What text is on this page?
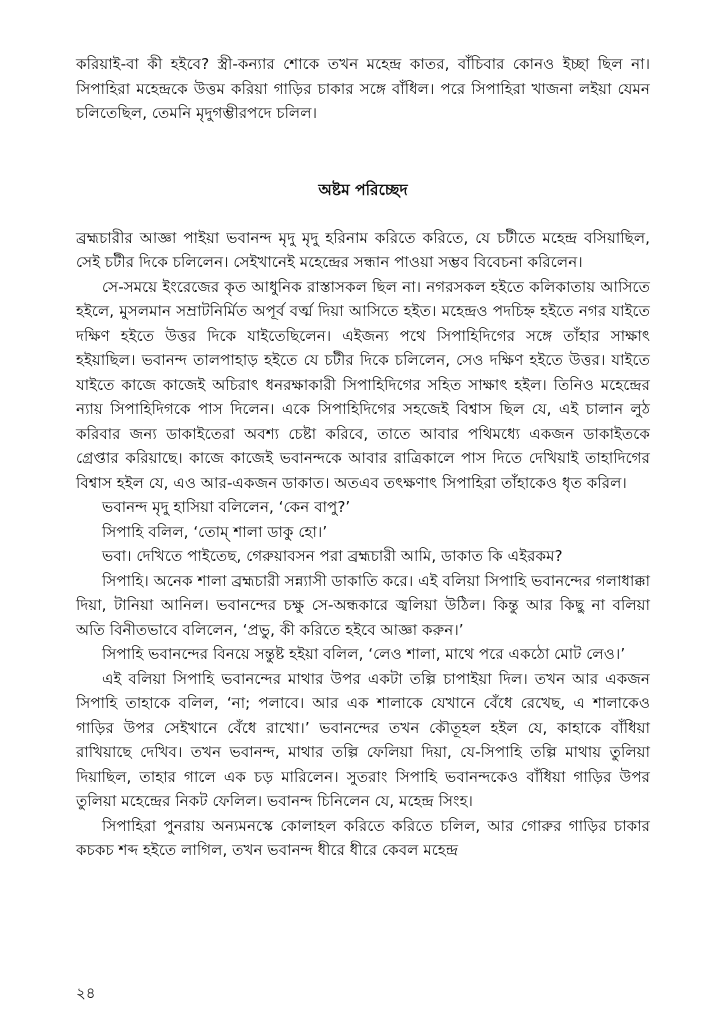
করিয়াই-বা কী হইবে? স্ত্রী-কন্যার শোকে তখন মহেন্দ্র কাতর, বাঁচিবার কোনও ইচ্ছা ছিল না। সিপাহিরা মহেন্দ্রকে উত্তম করিয়া গাড়ির চাকার সঙ্গে বাঁধিল। পরে সিপাহিরা খাজনা লইয়া যেমন চলিতেছিল, তেমনি মৃদুগম্ভীরপদে চলিল।

অষ্টম পরিচ্ছেদ

ব্রহ্মচারীর আজ্ঞা পাইয়া ভবানন্দ মৃদু মৃদু হরিনাম করিতে করিতে, যে চটীতে মহেন্দ্র বসিয়াছিল, সেই চটীর দিকে চলিলেন। সেইখানেই মহেন্দ্রের সন্ধান পাওয়া সম্ভব বিবেচনা করিলেন।

সে-সময়ে ইংরেজের কৃত আধুনিক রাস্তাসকল ছিল না। নগরসকল হইতে কলিকাতায় আসিতে হইলে, মুসলমান সম্রাটনির্মিত অপূর্ব বর্ত্ম দিয়া আসিতে হইত। মহেন্দ্রও পদচিহ্ন হইতে নগর যাইতে দক্ষিণ হইতে উত্তর দিকে যাইতেছিলেন। এইজন্য পথে সিপাহিদিগের সঙ্গে তাঁহার সাক্ষাৎ হইয়াছিল। ভবানন্দ তালপাহাড় হইতে যে চটীর দিকে চলিলেন, সেও দক্ষিণ হইতে উত্তর। যাইতে যাইতে কাজে কাজেই অচিরাৎ ধনরক্ষাকারী সিপাহিদিগের সহিত সাক্ষাৎ হইল। তিনিও মহেন্দ্রের ন্যায় সিপাহিদিগকে পাস দিলেন। একে সিপাহিদিগের সহজেই বিশ্বাস ছিল যে, এই চালান লুঠ করিবার জন্য ডাকাইতেরা অবশ্য চেষ্টা করিবে, তাতে আবার পথিমধ্যে একজন ডাকাইতকে গ্রেপ্তার করিয়াছে। কাজে কাজেই ভবানন্দকে আবার রাত্রিকালে পাস দিতে দেখিয়াই তাহাদিগের বিশ্বাস হইল যে, এও আর-একজন ডাকাত। অতএব তৎক্ষণাৎ সিপাহিরা তাঁহাকেও ধৃত করিল।

ভবানন্দ মৃদু হাসিয়া বলিলেন, ‘কেন বাপু?’

সিপাহি বলিল, ‘তোম্ শালা ডাকু হো।’

ভবা। দেখিতে পাইতেছ, গেরুয়াবসন পরা ব্রহ্মচারী আমি, ডাকাত কি এইরকম?

সিপাহি। অনেক শালা ব্রহ্মচারী সন্ন্যাসী ডাকাতি করে। এই বলিয়া সিপাহি ভবানন্দের গলাধাক্কা দিয়া, টানিয়া আনিল। ভবানন্দের চক্ষু সে-অন্ধকারে জ্বলিয়া উঠিল। কিন্তু আর কিছু না বলিয়া অতি বিনীতভাবে বলিলেন, ‘প্রভু, কী করিতে হইবে আজ্ঞা করুন।’

সিপাহি ভবানন্দের বিনয়ে সন্তুষ্ট হইয়া বলিল, ‘লেও শালা, মাথে পরে একঠো মোট লেও।’

এই বলিয়া সিপাহি ভবানন্দের মাথার উপর একটা তল্পি চাপাইয়া দিল। তখন আর একজন সিপাহি তাহাকে বলিল, ‘না; পলাবে। আর এক শালাকে যেখানে বেঁধে রেখেছ, এ শালাকেও গাড়ির উপর সেইখানে বেঁধে রাখো।’ ভবানন্দের তখন কৌতূহল হইল যে, কাহাকে বাঁধিয়া রাখিয়াছে দেখিব। তখন ভবানন্দ, মাথার তল্পি ফেলিয়া দিয়া, যে-সিপাহি তল্পি মাথায় তুলিয়া দিয়াছিল, তাহার গালে এক চড় মারিলেন। সুতরাং সিপাহি ভবানন্দকেও বাঁধিয়া গাড়ির উপর তুলিয়া মহেন্দ্রের নিকট ফেলিল। ভবানন্দ চিনিলেন যে, মহেন্দ্র সিংহ।

সিপাহিরা পুনরায় অন্যমনস্কে কোলাহল করিতে করিতে চলিল, আর গোরুর গাড়ির চাকার কচকচ শব্দ হইতে লাগিল, তখন ভবানন্দ ধীরে ধীরে কেবল মহেন্দ্র

২৪
